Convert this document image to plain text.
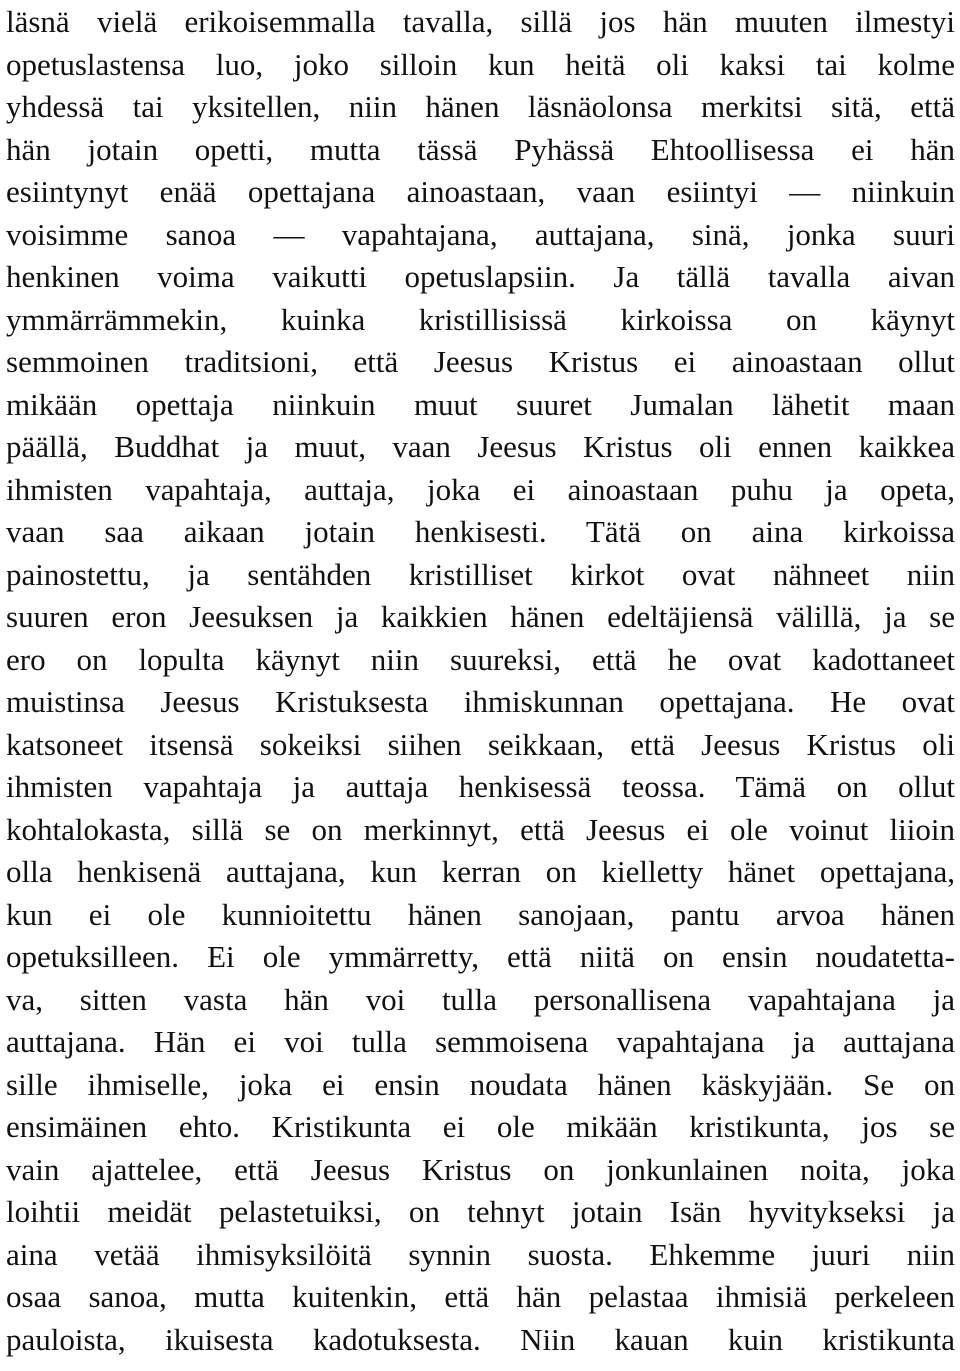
läsnä vielä erikoisemmalla tavalla, sillä jos hän muuten ilmestyi
opetuslastensa luo, joko silloin kun heitä oli kaksi tai kolme
yhdessä tai yksitellen, niin hänen läsnäolonsa merkitsi sitä, että
hän jotain opetti, mutta tässä Pyhässä Ehtoollisessa ei hän
esiintynyt enää opettajana ainoastaan, vaan esiintyi — niinkuin
voisimme sanoa — vapahtajana, auttajana, sinä, jonka suuri
henkinen voima vaikutti opetuslapsiin. Ja tällä tavalla aivan
ymmärrämmekin, kuinka kristillisissä kirkoissa on käynyt
semmoinen traditsioni, että Jeesus Kristus ei ainoastaan ollut
mikään opettaja niinkuin muut suuret Jumalan lähetit maan
päällä, Buddhat ja muut, vaan Jeesus Kristus oli ennen kaikkea
ihmisten vapahtaja, auttaja, joka ei ainoastaan puhu ja opeta,
vaan saa aikaan jotain henkisesti. Tätä on aina kirkoissa
painostettu, ja sentähden kristilliset kirkot ovat nähneet niin
suuren eron Jeesuksen ja kaikkien hänen edeltäjiensä välillä, ja se
ero on lopulta käynyt niin suureksi, että he ovat kadottaneet
muistinsa Jeesus Kristuksesta ihmiskunnan opettajana. He ovat
katsoneet itsensä sokeiksi siihen seikkaan, että Jeesus Kristus oli
ihmisten vapahtaja ja auttaja henkisessä teossa. Tämä on ollut
kohtalokasta, sillä se on merkinnyt, että Jeesus ei ole voinut liioin
olla henkisenä auttajana, kun kerran on kielletty hänet opettajana,
kun ei ole kunnioitettu hänen sanojaan, pantu arvoa hänen
opetuksilleen. Ei ole ymmärretty, että niitä on ensin noudatetta-
va, sitten vasta hän voi tulla personallisena vapahtajana ja
auttajana. Hän ei voi tulla semmoisena vapahtajana ja auttajana
sille ihmiselle, joka ei ensin noudata hänen käskyjään. Se on
ensimäinen ehto. Kristikunta ei ole mikään kristikunta, jos se
vain ajattelee, että Jeesus Kristus on jonkunlainen noita, joka
loihtii meidät pelastetuiksi, on tehnyt jotain Isän hyvitykseksi ja
aina vetää ihmisyksilöitä synnin suosta. Ehkemme juuri niin
osaa sanoa, mutta kuitenkin, että hän pelastaa ihmisiä perkeleen
pauloista, ikuisesta kadotuksesta. Niin kauan kuin kristikunta
